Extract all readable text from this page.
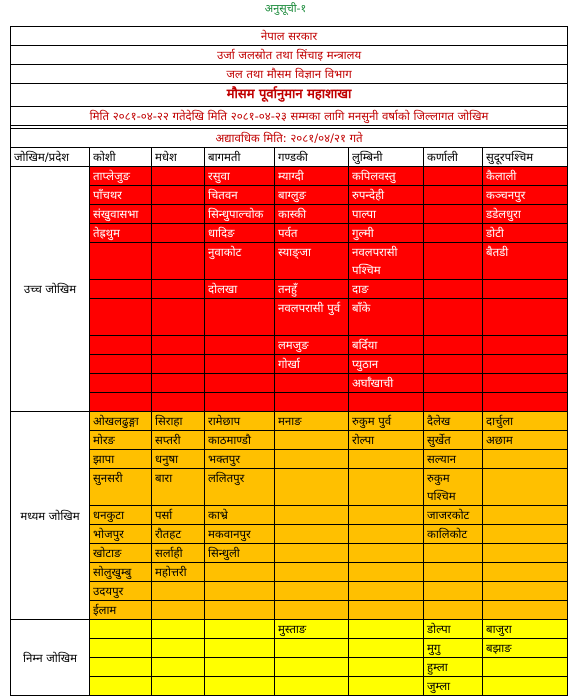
अनुसूची-१
नेपाल सरकार							
उर्जा जलस्रोत तथा सिंचाइ मन्त्रालय							
जल तथा मौसम विज्ञान विभाग							
मौसम पूर्वानुमान महाशाखा							
मिति २०८१-०४-२२ गतेदेखि मिति २०८१-०४-२३ सम्मका लागि मनसुनी वर्षाको जिल्लागत जोखिम							

अद्यावधिक मिति: २०८१/०४/२१ गते							
जोखिम/प्रदेश	कोशी	मधेश	बागमती	गण्डकी	लुम्बिनी	कर्णाली	सुदूरपश्चिम
उच्च जोखिम	ताप्लेजुङ		रसुवा	म्याग्दी	कपिलवस्तु		कैलाली
	पाँचथर		चितवन	बाग्लुङ	रुपन्देही		कञ्चनपुर
	संखुवासभा		सिन्धुपाल्चोक	कास्की	पाल्पा		डडेलधुरा
	तेह्रथुम		धादिङ	पर्वत	गुल्मी		डोटी
			नुवाकोट	स्याङ्जा	नवलपरासी पश्चिम		बैतडी
			दोलखा	तनहुँ	दाङ		
				नवलपरासी पुर्व	बाँके		
				लमजुङ	बर्दिया		
				गोर्खा	प्युठान		
					अर्घाँखाची		

मध्यम जोखिम	ओखलढुङ्गा	सिराहा	रामेछाप	मनाङ	रुकुम पुर्व	दैलेख	दार्चुला
	मोरङ	सप्तरी	काठमाण्डौ		रोल्पा	सुर्खेत	अछाम
	झापा	धनुषा	भक्तपुर			सल्यान	
	सुनसरी	बारा	ललितपुर			रुकुम पश्चिम	
	धनकुटा	पर्सा	काभ्रे			जाजरकोट	
	भोजपुर	रौतहट	मकवानपुर			कालिकोट	
	खोटाङ	सर्लाही	सिन्धुली				
	सोलुखुम्बु	महोत्तरी					
	उदयपुर						
	ईलाम						
निम्न जोखिम				मुस्ताङ		डोल्पा	बाजुरा
						मुगु	बझाङ
						हुम्ला	
						जुम्ला	
